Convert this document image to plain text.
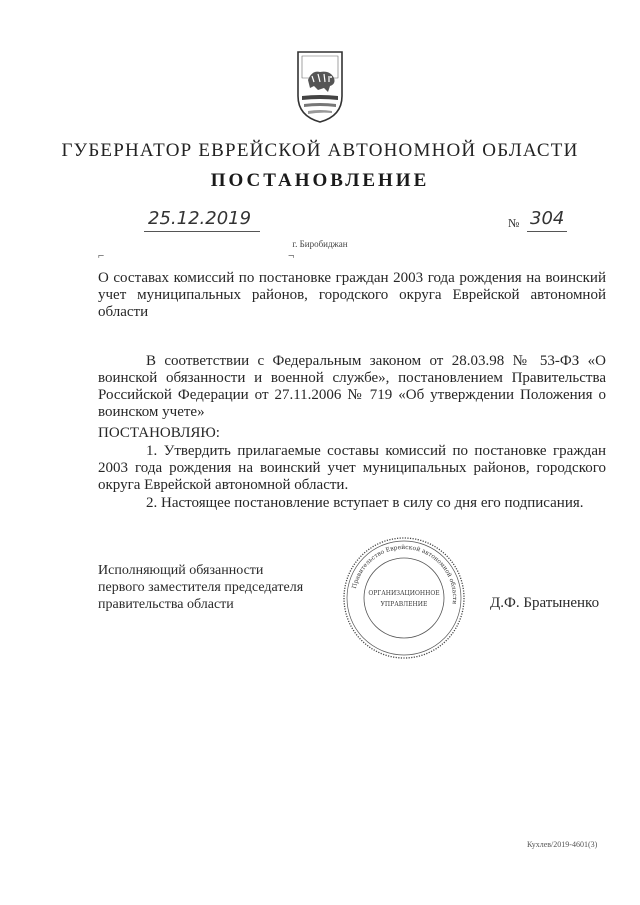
ГУБЕРНАТОР ЕВРЕЙСКОЙ АВТОНОМНОЙ ОБЛАСТИ
ПОСТАНОВЛЕНИЕ
25.12.2019	№ 304
г. Биробиджан
⌐	¬
О составах комиссий по постановке граждан 2003 года рождения на воинский учет муниципальных районов, городского округа Еврейской автономной области
В соответствии с Федеральным законом от 28.03.98 № 53-ФЗ «О воинской обязанности и военной службе», постановлением Правительства Российской Федерации от 27.11.2006 № 719 «Об утверждении Положения о воинском учете»
ПОСТАНОВЛЯЮ:
1. Утвердить прилагаемые составы комиссий по постановке граждан 2003 года рождения на воинский учет муниципальных районов, городского округа Еврейской автономной области.
2. Настоящее постановление вступает в силу со дня его подписания.
Исполняющий обязанности
первого заместителя председателя
правительства области
Правительство Еврейской автономной области
ОРГАНИЗАЦИОННОЕ
УПРАВЛЕНИЕ	Д.Ф. Братыненко
Кухлев/2019-4601(3)
